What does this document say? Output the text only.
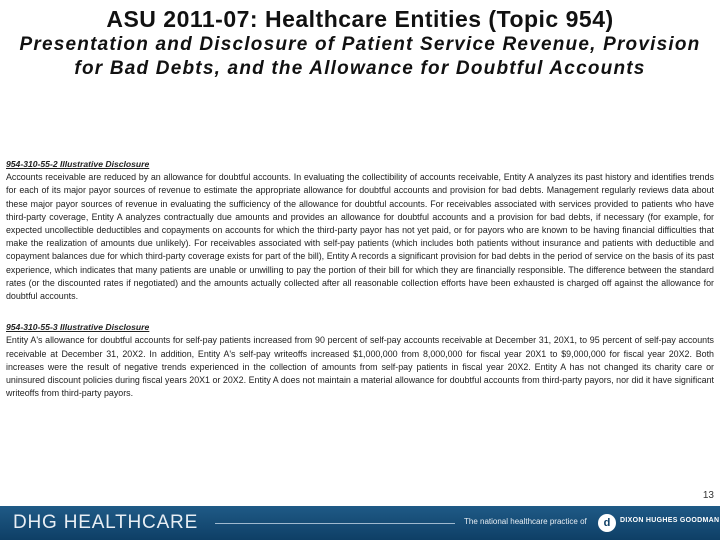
ASU 2011-07: Healthcare Entities (Topic 954)

Presentation and Disclosure of Patient Service Revenue, Provision for Bad Debts, and the Allowance for Doubtful Accounts

954-310-55-2 Illustrative Disclosure

Accounts receivable are reduced by an allowance for doubtful accounts. In evaluating the collectibility of accounts receivable, Entity A analyzes its past history and identifies trends for each of its major payor sources of revenue to estimate the appropriate allowance for doubtful accounts and provision for bad debts. Management regularly reviews data about these major payor sources of revenue in evaluating the sufficiency of the allowance for doubtful accounts. For receivables associated with services provided to patients who have third-party coverage, Entity A analyzes contractually due amounts and provides an allowance for doubtful accounts and a provision for bad debts, if necessary (for example, for expected uncollectible deductibles and copayments on accounts for which the third-party payor has not yet paid, or for payors who are known to be having financial difficulties that make the realization of amounts due unlikely). For receivables associated with self-pay patients (which includes both patients without insurance and patients with deductible and copayment balances due for which third-party coverage exists for part of the bill), Entity A records a significant provision for bad debts in the period of service on the basis of its past experience, which indicates that many patients are unable or unwilling to pay the portion of their bill for which they are financially responsible. The difference between the standard rates (or the discounted rates if negotiated) and the amounts actually collected after all reasonable collection efforts have been exhausted is charged off against the allowance for doubtful accounts.

954-310-55-3 Illustrative Disclosure

Entity A's allowance for doubtful accounts for self-pay patients increased from 90 percent of self-pay accounts receivable at December 31, 20X1, to 95 percent of self-pay accounts receivable at December 31, 20X2. In addition, Entity A's self-pay writeoffs increased $1,000,000 from 8,000,000 for fiscal year 20X1 to $9,000,000 for fiscal year 20X2. Both increases were the result of negative trends experienced in the collection of amounts from self-pay patients in fiscal year 20X2. Entity A has not changed its charity care or uninsured discount policies during fiscal years 20X1 or 20X2. Entity A does not maintain a material allowance for doubtful accounts from third-party payors, nor did it have significant writeoffs from third-party payors.

13
DHG HEALTHCARE	The national healthcare practice of	d	DIXON HUGHES GOODMAN
